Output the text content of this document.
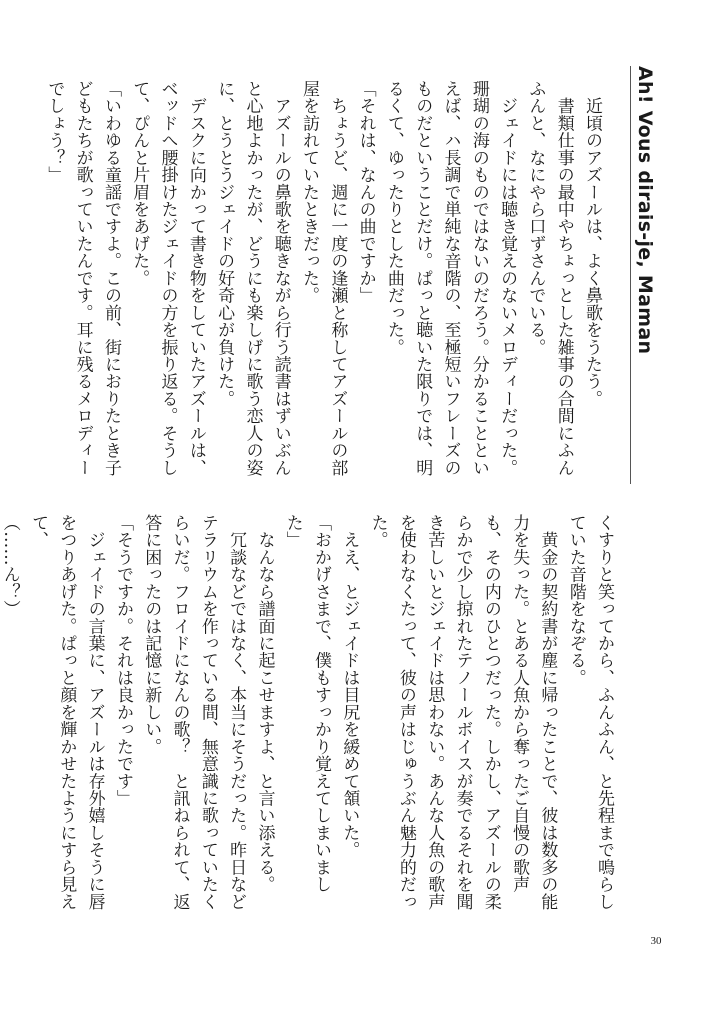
Ah! Vous dirais-je, Maman

　近頃のアズールは、よく鼻歌をうたう。

　書類仕事の最中やちょっとした雑事の合間にふんふんと、なにやら口ずさんでいる。

　ジェイドには聴き覚えのないメロディーだった。珊瑚の海のものではないのだろう。分かることといえば、ハ長調で単純な音階の、至極短いフレーズのものだということだけ。ぱっと聴いた限りでは、明るくて、ゆったりとした曲だった。

「それは、なんの曲ですか」

　ちょうど、週に一度の逢瀬と称してアズールの部屋を訪れていたときだった。

　アズールの鼻歌を聴きながら行う読書はずいぶんと心地よかったが、どうにも楽しげに歌う恋人の姿に、とうとうジェイドの好奇心が負けた。

　デスクに向かって書き物をしていたアズールは、ベッドへ腰掛けたジェイドの方を振り返る。そうして、ぴんと片眉をあげた。

「いわゆる童謡ですよ。この前、街におりたとき子どもたちが歌っていたんです。耳に残るメロディーでしょう？」

くすりと笑ってから、ふんふん、と先程まで鳴らしていた音階をなぞる。

　黄金の契約書が塵に帰ったことで、彼は数多の能力を失った。とある人魚から奪ったご自慢の歌声も、その内のひとつだった。しかし、アズールの柔らかで少し掠れたテノールボイスが奏でるそれを聞き苦しいとジェイドは思わない。あんな人魚の歌声を使わなくたって、彼の声はじゅうぶん魅力的だった。

　ええ、とジェイドは目尻を緩めて頷いた。

「おかげさまで、僕もすっかり覚えてしまいました」

　なんなら譜面に起こせますよ、と言い添える。

　冗談などではなく、本当にそうだった。昨日などテラリウムを作っている間、無意識に歌っていたくらいだ。フロイドになんの歌？　と訊ねられて、返答に困ったのは記憶に新しい。

「そうですか。それは良かったです」

　ジェイドの言葉に、アズールは存外嬉しそうに唇をつりあげた。ぱっと顔を輝かせたようにすら見えて、

（……ん？）

30
